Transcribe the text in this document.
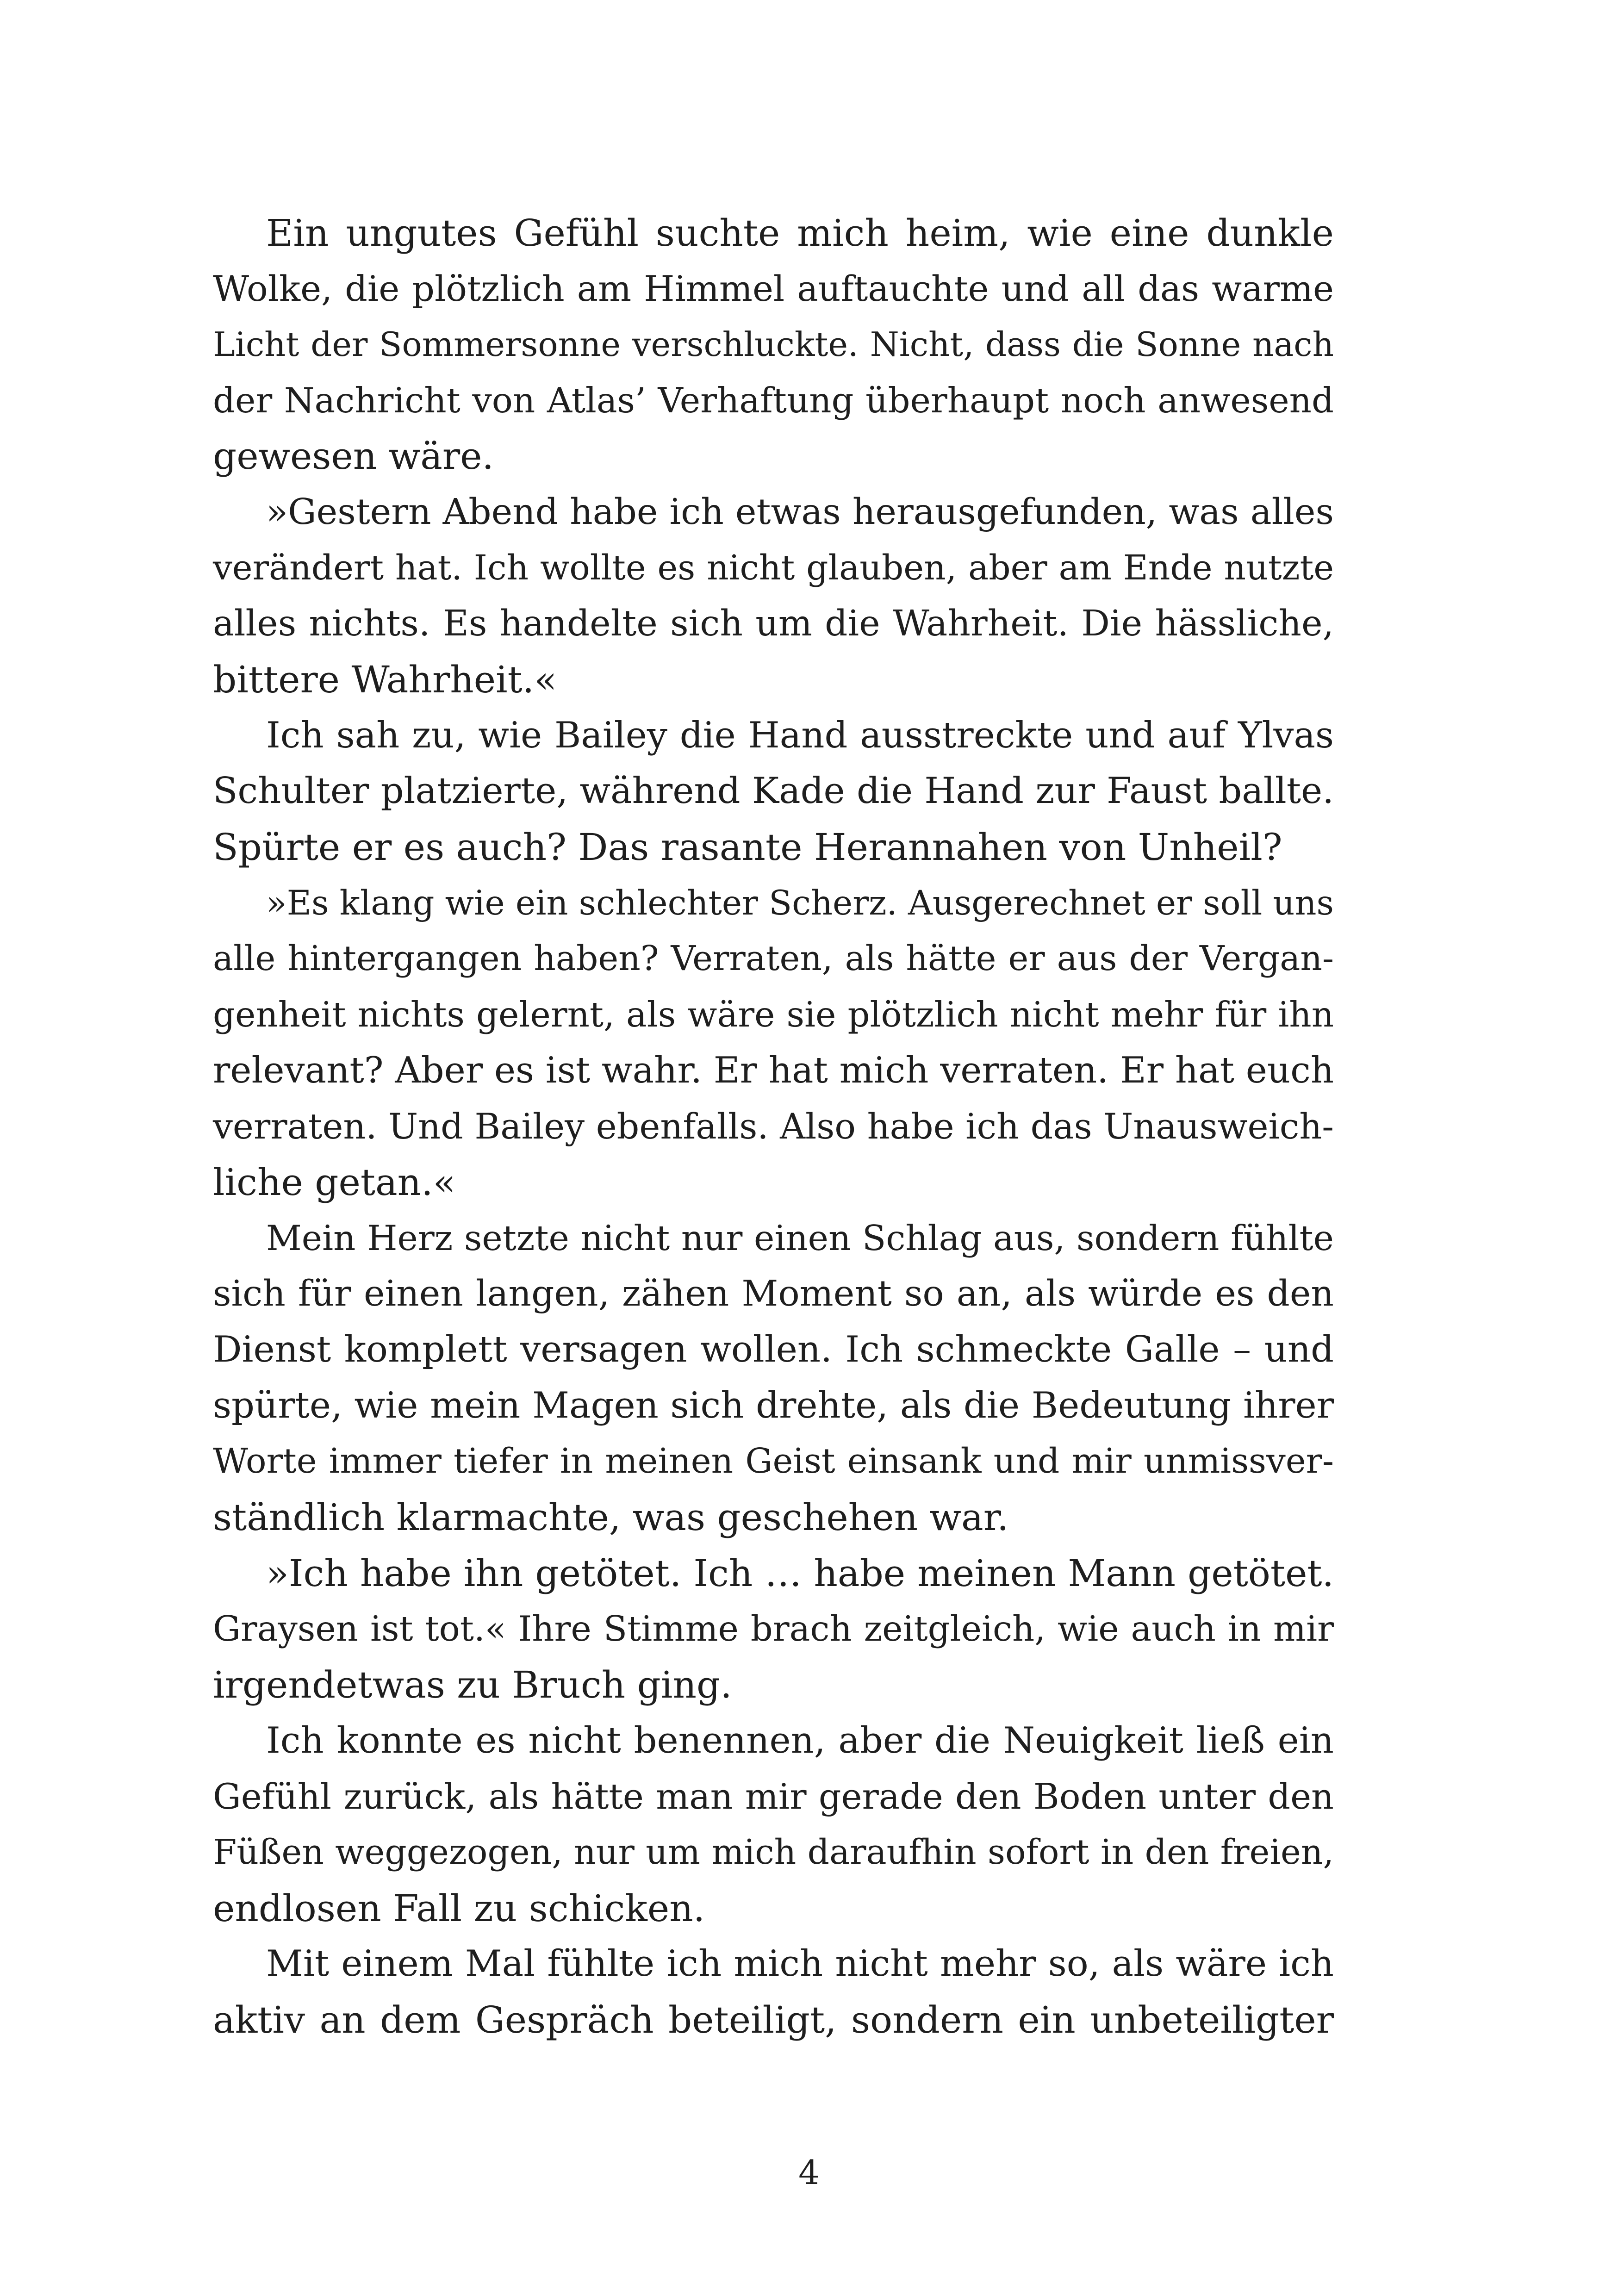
Ein ungutes Gefühl suchte mich heim, wie eine dunkle
Wolke, die plötzlich am Himmel auftauchte und all das warme
Licht der Sommersonne verschluckte. Nicht, dass die Sonne nach
der Nachricht von Atlas’ Verhaftung überhaupt noch anwesend
gewesen wäre.
»Gestern Abend habe ich etwas herausgefunden, was alles
verändert hat. Ich wollte es nicht glauben, aber am Ende nutzte
alles nichts. Es handelte sich um die Wahrheit. Die hässliche,
bittere Wahrheit.«
Ich sah zu, wie Bailey die Hand ausstreckte und auf Ylvas
Schulter platzierte, während Kade die Hand zur Faust ballte.
Spürte er es auch? Das rasante Herannahen von Unheil?
»Es klang wie ein schlechter Scherz. Ausgerechnet er soll uns
alle hintergangen haben? Verraten, als hätte er aus der Vergan-
genheit nichts gelernt, als wäre sie plötzlich nicht mehr für ihn
relevant? Aber es ist wahr. Er hat mich verraten. Er hat euch
verraten. Und Bailey ebenfalls. Also habe ich das Unausweich-
liche getan.«
Mein Herz setzte nicht nur einen Schlag aus, sondern fühlte
sich für einen langen, zähen Moment so an, als würde es den
Dienst komplett versagen wollen. Ich schmeckte Galle – und
spürte, wie mein Magen sich drehte, als die Bedeutung ihrer
Worte immer tiefer in meinen Geist einsank und mir unmissver-
ständlich klarmachte, was geschehen war.
»Ich habe ihn getötet. Ich … habe meinen Mann getötet.
Graysen ist tot.« Ihre Stimme brach zeitgleich, wie auch in mir
irgendetwas zu Bruch ging.
Ich konnte es nicht benennen, aber die Neuigkeit ließ ein
Gefühl zurück, als hätte man mir gerade den Boden unter den
Füßen weggezogen, nur um mich daraufhin sofort in den freien,
endlosen Fall zu schicken.
Mit einem Mal fühlte ich mich nicht mehr so, als wäre ich
aktiv an dem Gespräch beteiligt, sondern ein unbeteiligter
4
